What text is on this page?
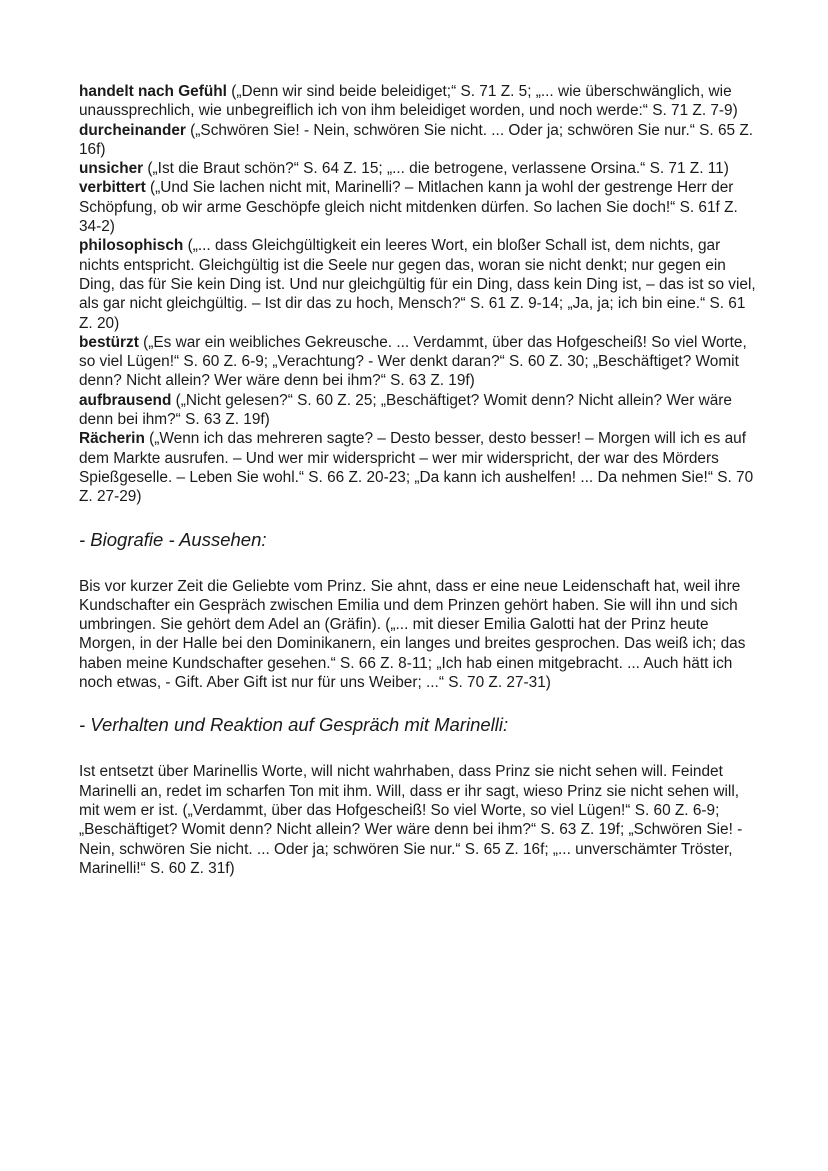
handelt nach Gefühl („Denn wir sind beide beleidiget;“ S. 71 Z. 5; „... wie überschwänglich, wie unaussprechlich, wie unbegreiflich ich von ihm beleidiget worden, und noch werde:“ S. 71 Z. 7-9)

durcheinander („Schwören Sie! - Nein, schwören Sie nicht. ... Oder ja; schwören Sie nur.“ S. 65 Z. 16f)

unsicher („Ist die Braut schön?“ S. 64 Z. 15; „... die betrogene, verlassene Orsina.“ S. 71 Z. 11)

verbittert („Und Sie lachen nicht mit, Marinelli? – Mitlachen kann ja wohl der gestrenge Herr der Schöpfung, ob wir arme Geschöpfe gleich nicht mitdenken dürfen. So lachen Sie doch!“ S. 61f Z. 34-2)

philosophisch („... dass Gleichgültigkeit ein leeres Wort, ein bloßer Schall ist, dem nichts, gar nichts entspricht. Gleichgültig ist die Seele nur gegen das, woran sie nicht denkt; nur gegen ein Ding, das für Sie kein Ding ist. Und nur gleichgültig für ein Ding, dass kein Ding ist, – das ist so viel, als gar nicht gleichgültig. – Ist dir das zu hoch, Mensch?“ S. 61 Z. 9-14; „Ja, ja; ich bin eine.“ S. 61 Z. 20)

bestürzt („Es war ein weibliches Gekreusche. ... Verdammt, über das Hofgescheiß! So viel Worte, so viel Lügen!“ S. 60 Z. 6-9; „Verachtung? - Wer denkt daran?“ S. 60 Z. 30; „Beschäftiget? Womit denn? Nicht allein? Wer wäre denn bei ihm?“ S. 63 Z. 19f)

aufbrausend („Nicht gelesen?“ S. 60 Z. 25; „Beschäftiget? Womit denn? Nicht allein? Wer wäre denn bei ihm?“ S. 63 Z. 19f)

Rächerin („Wenn ich das mehreren sagte? – Desto besser, desto besser! – Morgen will ich es auf dem Markte ausrufen. – Und wer mir widerspricht – wer mir widerspricht, der war des Mörders Spießgeselle. – Leben Sie wohl.“ S. 66 Z. 20-23; „Da kann ich aushelfen! ... Da nehmen Sie!“ S. 70 Z. 27-29)

- Biografie - Aussehen:

Bis vor kurzer Zeit die Geliebte vom Prinz. Sie ahnt, dass er eine neue Leidenschaft hat, weil ihre Kundschafter ein Gespräch zwischen Emilia und dem Prinzen gehört haben. Sie will ihn und sich umbringen. Sie gehört dem Adel an (Gräfin). („... mit dieser Emilia Galotti hat der Prinz heute Morgen, in der Halle bei den Dominikanern, ein langes und breites gesprochen. Das weiß ich; das haben meine Kundschafter gesehen.“ S. 66 Z. 8-11; „Ich hab einen mitgebracht. ... Auch hätt ich noch etwas, - Gift. Aber Gift ist nur für uns Weiber; ...“ S. 70 Z. 27-31)

- Verhalten und Reaktion auf Gespräch mit Marinelli:

Ist entsetzt über Marinellis Worte, will nicht wahrhaben, dass Prinz sie nicht sehen will. Feindet Marinelli an, redet im scharfen Ton mit ihm. Will, dass er ihr sagt, wieso Prinz sie nicht sehen will, mit wem er ist. („Verdammt, über das Hofgescheiß! So viel Worte, so viel Lügen!“ S. 60 Z. 6-9; „Beschäftiget? Womit denn? Nicht allein? Wer wäre denn bei ihm?“ S. 63 Z. 19f; „Schwören Sie! - Nein, schwören Sie nicht. ... Oder ja; schwören Sie nur.“ S. 65 Z. 16f; „... unverschämter Tröster, Marinelli!“ S. 60 Z. 31f)
